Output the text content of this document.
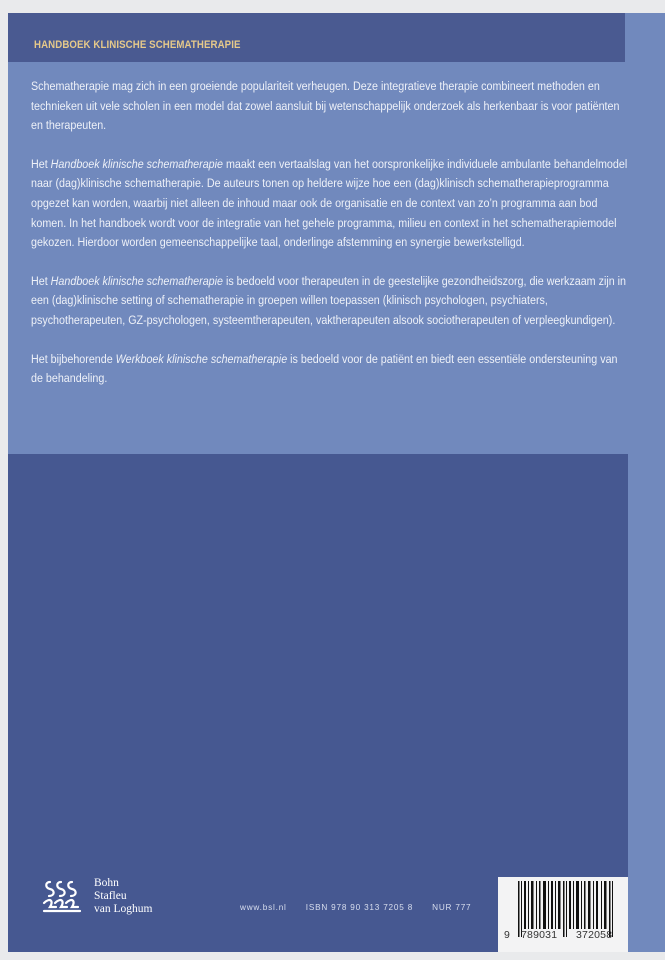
HANDBOEK KLINISCHE SCHEMATHERAPIE

Schematherapie mag zich in een groeiende populariteit verheugen. Deze integratieve therapie combineert methoden en technieken uit vele scholen in een model dat zowel aansluit bij wetenschappelijk onderzoek als herkenbaar is voor patiënten en therapeuten.

Het Handboek klinische schematherapie maakt een vertaalslag van het oorspronkelijke individuele ambulante behandelmodel naar (dag)klinische schematherapie. De auteurs tonen op heldere wijze hoe een (dag)klinisch schematherapieprogramma opgezet kan worden, waarbij niet alleen de inhoud maar ook de organisatie en de context van zo’n programma aan bod komen. In het handboek wordt voor de integratie van het gehele programma, milieu en context in het schematherapiemodel gekozen. Hierdoor worden gemeenschappelijke taal, onderlinge afstemming en synergie bewerkstelligd.

Het Handboek klinische schematherapie is bedoeld voor therapeuten in de geestelijke gezondheidszorg, die werkzaam zijn in een (dag)klinische setting of schematherapie in groepen willen toepassen (klinisch psychologen, psychiaters, psychotherapeuten, GZ-psychologen, systeemtherapeuten, vaktherapeuten alsook sociotherapeuten of verpleegkundigen).

Het bijbehorende Werkboek klinische schematherapie is bedoeld voor de patiënt en biedt een essentiële ondersteuning van de behandeling.

Bohn
Stafleu
van Loghum	www.bsl.nl ISBN 978 90 313 7205 8 NUR 777
9 789031 372058
